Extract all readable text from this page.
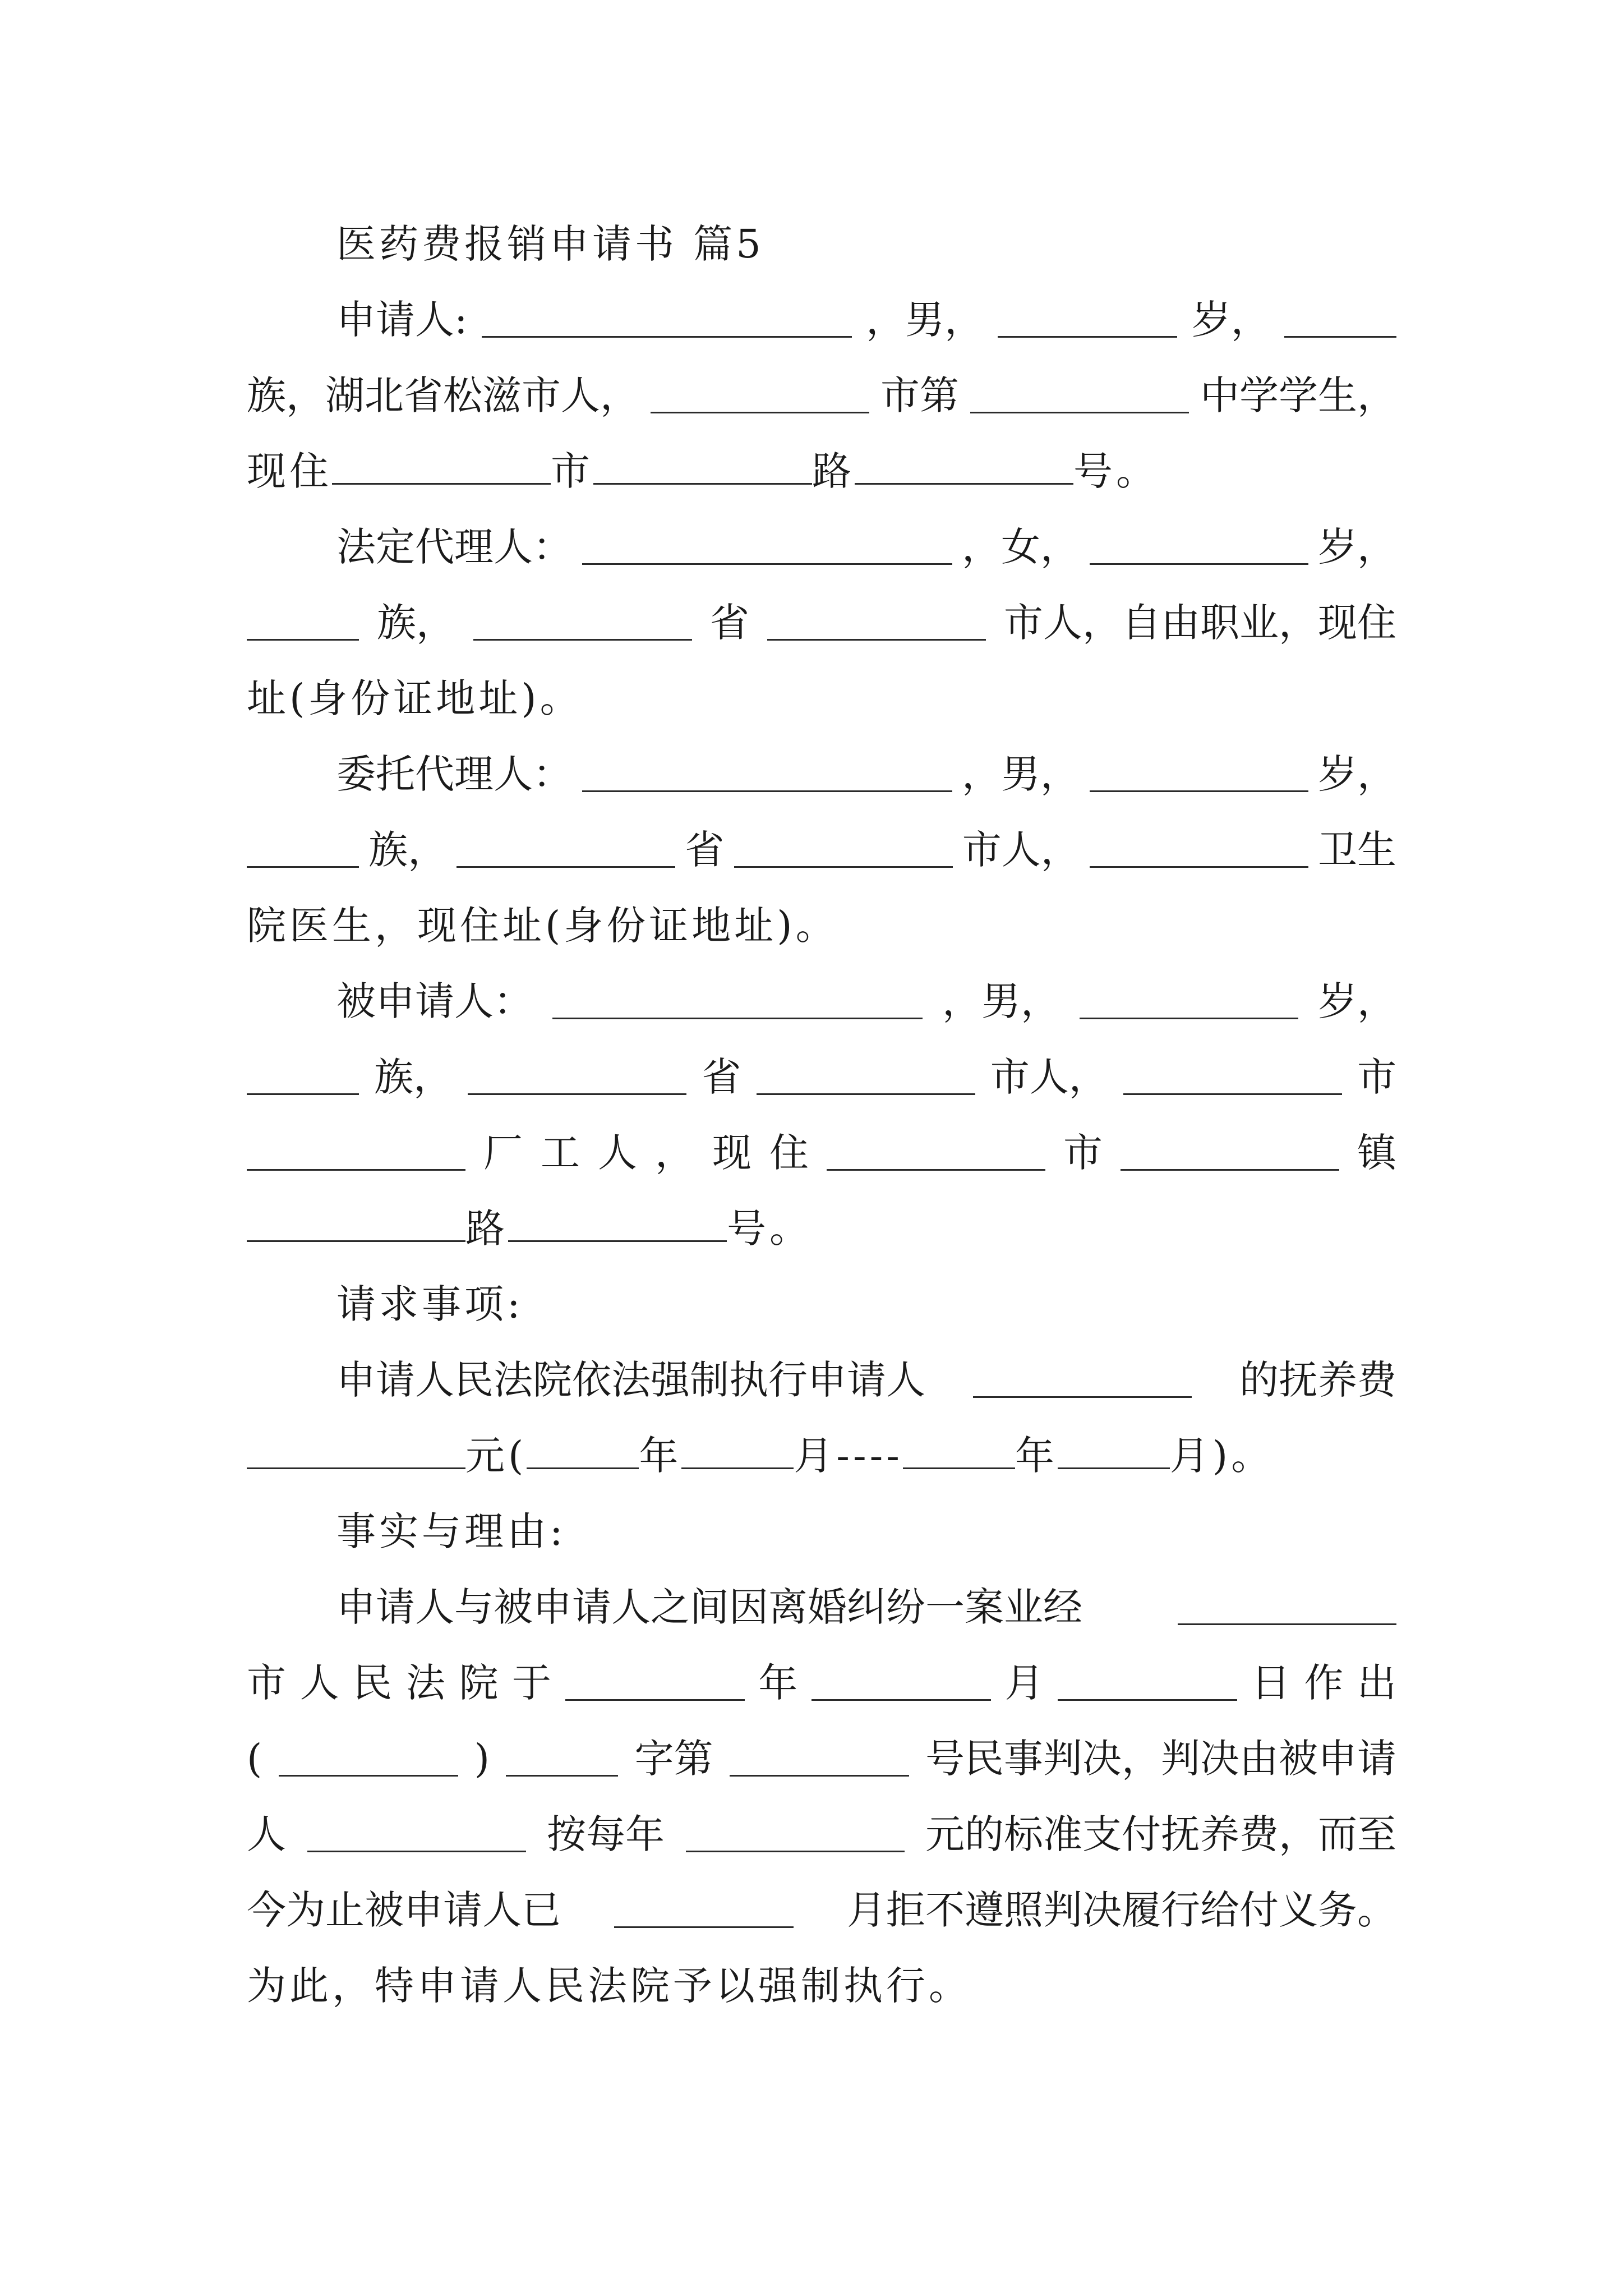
医药费报销申请书 篇5
申请人:	，男，	岁，
族，湖北省松滋市人，	市第	中学学生，
现住	市	路	号。
法定代理人：	，女，	岁，
族，	省	市人，自由职业，现住
址(身份证地址)。
委托代理人：	，男，	岁，
族，	省	市人，	卫生
院医生，现住址(身份证地址)。
被申请人：	，男，	岁，
族，	省	市人，	市
厂 工 人 ， 现 住	市	镇
路	号。
请求事项:
申请人民法院依法强制执行申请人	的抚养费
元(	年	月----	年	月)。
事实与理由:
申请人与被申请人之间因离婚纠纷一案业经
市 人 民 法 院 于	年	月	日 作 出
(	)	字第	号民事判决，判决由被申请
人	按每年	元的标准支付抚养费，而至
今为止被申请人已	月拒不遵照判决履行给付义务。
为此，特申请人民法院予以强制执行。
